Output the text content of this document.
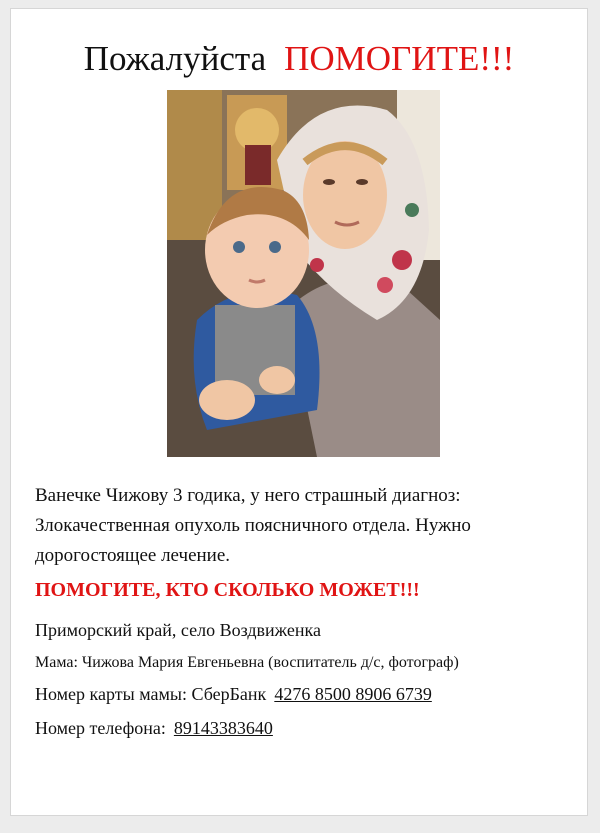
Пожалуйста ПОМОГИТЕ!!!
Ванечке Чижову 3 годика, у него страшный диагноз:
Злокачественная опухоль поясничного отдела. Нужно
дорогостоящее лечение.
ПОМОГИТЕ, КТО СКОЛЬКО МОЖЕТ!!!
Приморский край, село Воздвиженка
Мама: Чижова Мария Евгеньевна (воспитатель д/с, фотограф)
Номер карты мамы: СберБанк 4276 8500 8906 6739
Номер телефона: 89143383640
